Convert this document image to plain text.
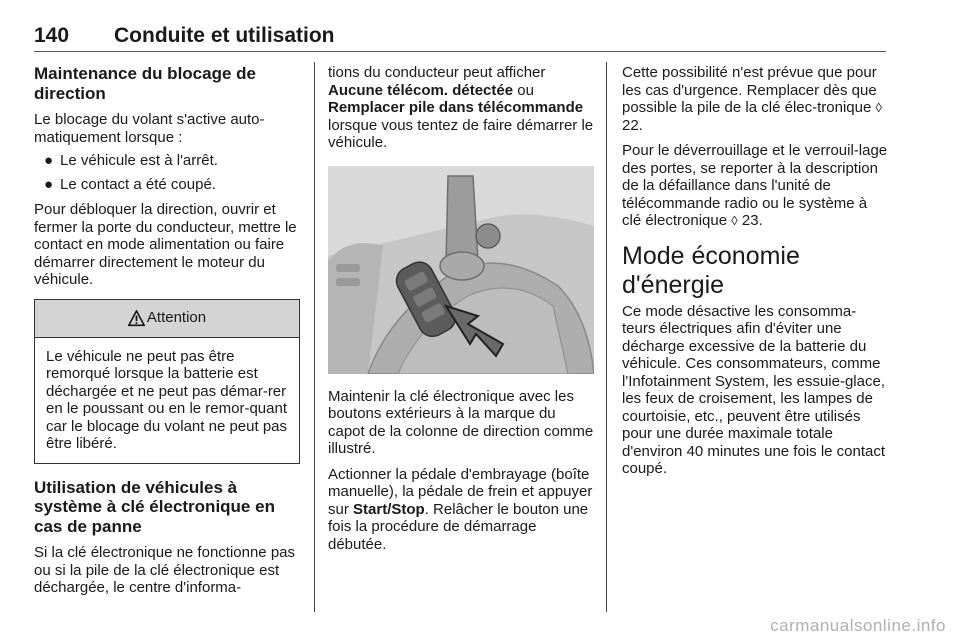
140 Conduite et utilisation
Maintenance du blocage de direction

Le blocage du volant s'active auto-matiquement lorsque :

● Le véhicule est à l'arrêt.
● Le contact a été coupé.

Pour débloquer la direction, ouvrir et fermer la porte du conducteur, mettre le contact en mode alimentation ou faire démarrer directement le moteur du véhicule.

Attention
Le véhicule ne peut pas être remorqué lorsque la batterie est déchargée et ne peut pas démar-rer en le poussant ou en le remor-quant car le blocage du volant ne peut pas être libéré.
Utilisation de véhicules à système à clé électronique en cas de panne

Si la clé électronique ne fonctionne pas ou si la pile de la clé électronique est déchargée, le centre d'informa-

tions du conducteur peut afficher Aucune télécom. détectée ou Remplacer pile dans télécommande lorsque vous tentez de faire démarrer le véhicule.

Maintenir la clé électronique avec les boutons extérieurs à la marque du capot de la colonne de direction comme illustré.

Actionner la pédale d'embrayage (boîte manuelle), la pédale de frein et appuyer sur Start/Stop. Relâcher le bouton une fois la procédure de démarrage débutée.

Cette possibilité n'est prévue que pour les cas d'urgence. Remplacer dès que possible la pile de la clé élec-tronique ◊ 22.

Pour le déverrouillage et le verrouil-lage des portes, se reporter à la description de la défaillance dans l'unité de télécommande radio ou le système à clé électronique ◊ 23.

Mode économie d'énergie

Ce mode désactive les consomma-teurs électriques afin d'éviter une décharge excessive de la batterie du véhicule. Ces consommateurs, comme l'Infotainment System, les essuie-glace, les feux de croisement, les lampes de courtoisie, etc., peuvent être utilisés pour une durée maximale totale d'environ 40 minutes une fois le contact coupé.

carmanualsonline.info
